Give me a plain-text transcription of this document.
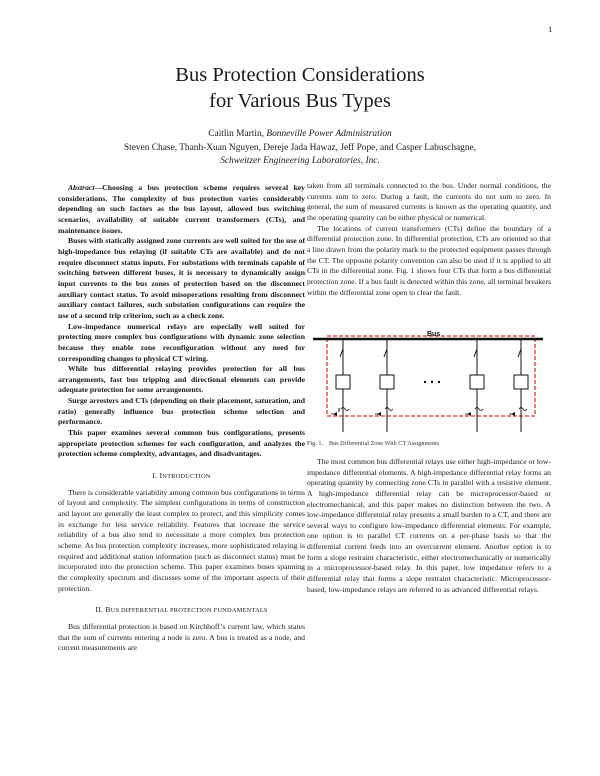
1
Bus Protection Considerations
for Various Bus Types
Caitlin Martin, Bonneville Power Administration
Steven Chase, Thanh-Xuan Nguyen, Dereje Jada Hawaz, Jeff Pope, and Casper Labuschagne,
Schweitzer Engineering Laboratories, Inc.

Abstract—Choosing a bus protection scheme requires several key considerations. The complexity of bus protection varies considerably depending on such factors as the bus layout, allowed bus switching scenarios, availability of suitable current transformers (CTs), and maintenance issues.

Buses with statically assigned zone currents are well suited for the use of high-impedance bus relaying (if suitable CTs are available) and do not require disconnect status inputs. For substations with terminals capable of switching between different buses, it is necessary to dynamically assign input currents to the bus zones of protection based on the disconnect auxiliary contact status. To avoid misoperations resulting from disconnect auxiliary contact failures, such substation configurations can require the use of a second trip criterion, such as a check zone.

Low-impedance numerical relays are especially well suited for protecting more complex bus configurations with dynamic zone selection because they enable zone reconfiguration without any need for corresponding changes to physical CT wiring.

While bus differential relaying provides protection for all bus arrangements, fast bus tripping and directional elements can provide adequate protection for some arrangements.

Surge arresters and CTs (depending on their placement, saturation, and ratio) generally influence bus protection scheme selection and performance.

This paper examines several common bus configurations, presents appropriate protection schemes for each configuration, and analyzes the protection scheme complexity, advantages, and disadvantages.

I. INTRODUCTION

There is considerable variability among common bus configurations in terms of layout and complexity. The simplest configurations in terms of construction and layout are generally the least complex to protect, and this simplicity comes in exchange for less service reliability. Features that increase the service reliability of a bus also tend to necessitate a more complex bus protection scheme. As bus protection complexity increases, more sophisticated relaying is required and additional station information (such as disconnect status) must be incorporated into the protection scheme. This paper examines buses spanning the complexity spectrum and discusses some of the important aspects of their protection.

II. BUS DIFFERENTIAL PROTECTION FUNDAMENTALS

Bus differential protection is based on Kirchhoff’s current law, which states that the sum of currents entering a node is zero. A bus is treated as a node, and current measurements are

taken from all terminals connected to the bus. Under normal conditions, the currents sum to zero. During a fault, the currents do not sum to zero. In general, the sum of measured currents is known as the operating quantity, and the operating quantity can be either physical or numerical.

The locations of current transformers (CTs) define the boundary of a differential protection zone. In differential protection, CTs are oriented so that a line drawn from the polarity mark to the protected equipment passes through the CT. The opposite polarity convention can also be used if it is applied to all CTs in the differential zone. Fig. 1 shows four CTs that form a bus differential protection zone. If a bus fault is detected within this zone, all terminal breakers within the differential zone open to clear the fault.

Bus
Fig. 1. Bus Differential Zone With CT Assignments

The most common bus differential relays use either high-impedance or low-impedance differential elements. A high-impedance differential relay forms an operating quantity by connecting zone CTs in parallel with a resistive element. A high-impedance differential relay can be microprocessor-based or electromechanical, and this paper makes no distinction between the two. A low-impedance differential relay presents a small burden to a CT, and there are several ways to configure low-impedance differential elements. For example, one option is to parallel CT currents on a per-phase basis so that the differential current feeds into an overcurrent element. Another option is to form a slope restraint characteristic, either electromechanically or numerically in a microprocessor-based relay. In this paper, low impedance refers to a differential relay that forms a slope restraint characteristic. Microprocessor-based, low-impedance relays are referred to as advanced differential relays.
